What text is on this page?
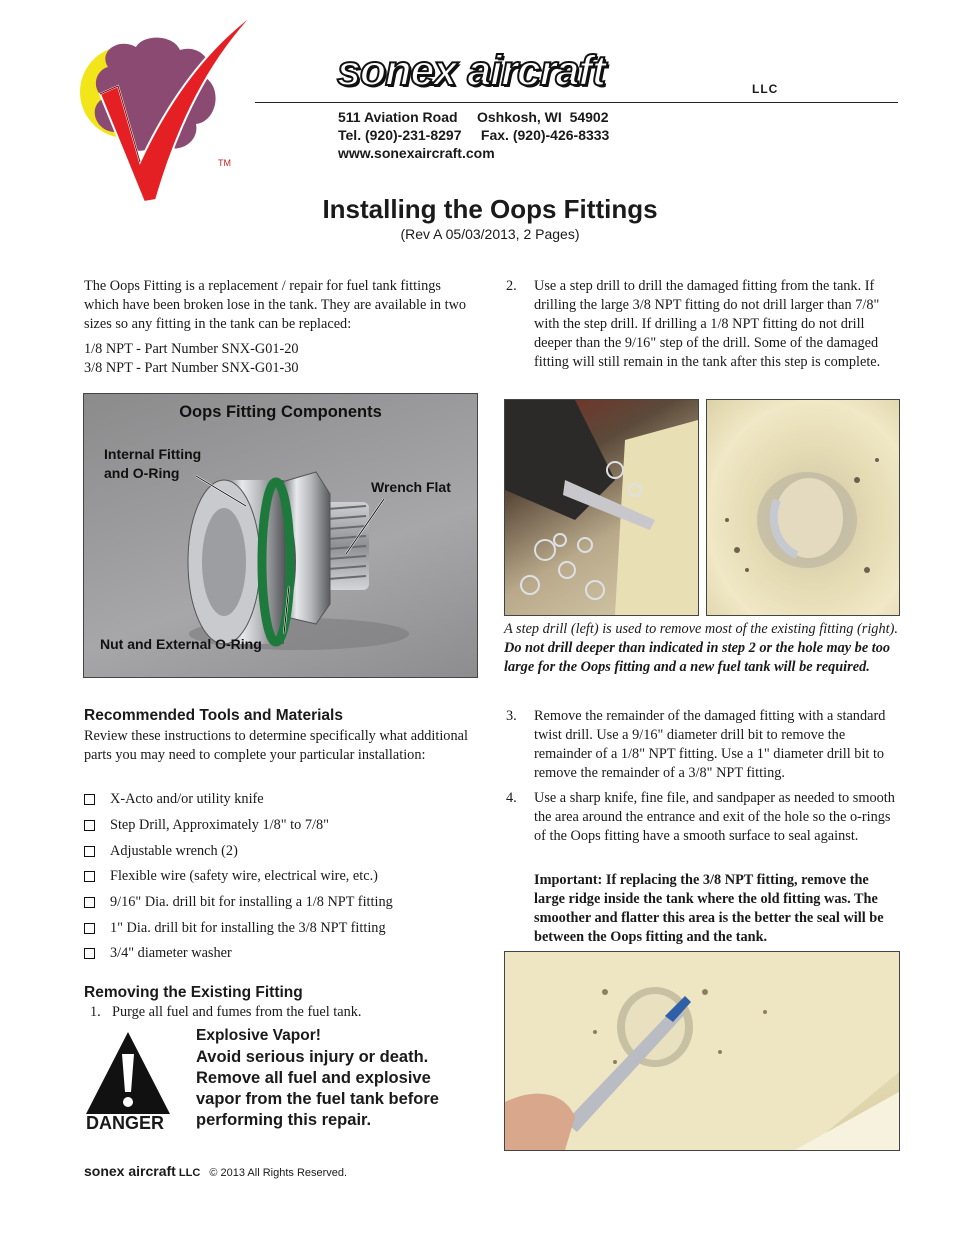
TM
sonex aircraft	LLC
511 Aviation Road     Oshkosh, WI  54902
Tel. (920)-231-8297     Fax. (920)-426-8333
www.sonexaircraft.com
Installing the Oops Fittings
(Rev A 05/03/2013, 2 Pages)
The Oops Fitting is a replacement / repair for fuel tank fittings which have been broken lose in the tank. They are available in two sizes so any fitting in the tank can be replaced:
1/8 NPT - Part Number SNX-G01-20
3/8 NPT - Part Number SNX-G01-30
Oops Fitting Components
Internal Fitting
and O-Ring
Wrench Flat
Nut and External O-Ring
Recommended Tools and Materials
Review these instructions to determine specifically what additional parts you may need to complete your particular installation:
X-Acto and/or utility knife
Step Drill, Approximately 1/8" to 7/8"
Adjustable wrench (2)
Flexible wire (safety wire, electrical wire, etc.)
9/16" Dia. drill bit for installing a 1/8 NPT fitting
1" Dia. drill bit for installing the 3/8 NPT fitting
3/4" diameter washer
Removing the Existing Fitting
1. Purge all fuel and fumes from the fuel tank.
DANGER
Explosive Vapor!
Avoid serious injury or death. Remove all fuel and explosive vapor from the fuel tank before performing this repair.
sonex aircraft LLC © 2013 All Rights Reserved.
2.	Use a step drill to drill the damaged fitting from the tank. If drilling the large 3/8 NPT fitting do not drill larger than 7/8" with the step drill. If drilling a 1/8 NPT fitting do not drill deeper than the 9/16" step of the drill. Some of the damaged fitting will still remain in the tank after this step is complete.
A step drill (left) is used to remove most of the existing fitting (right). Do not drill deeper than indicated in step 2 or the hole may be too large for the Oops fitting and a new fuel tank will be required.
3.	Remove the remainder of the damaged fitting with a standard twist drill. Use a 9/16" diameter drill bit to remove the remainder of a 1/8" NPT fitting. Use a 1" diameter drill bit to remove the remainder of a 3/8" NPT fitting.
4.	Use a sharp knife, fine file, and sandpaper as needed to smooth the area around the entrance and exit of the hole so the o-rings of the Oops fitting have a smooth surface to seal against.
Important: If replacing the 3/8 NPT fitting, remove the large ridge inside the tank where the old fitting was. The smoother and flatter this area is the better the seal will be between the Oops fitting and the tank.
